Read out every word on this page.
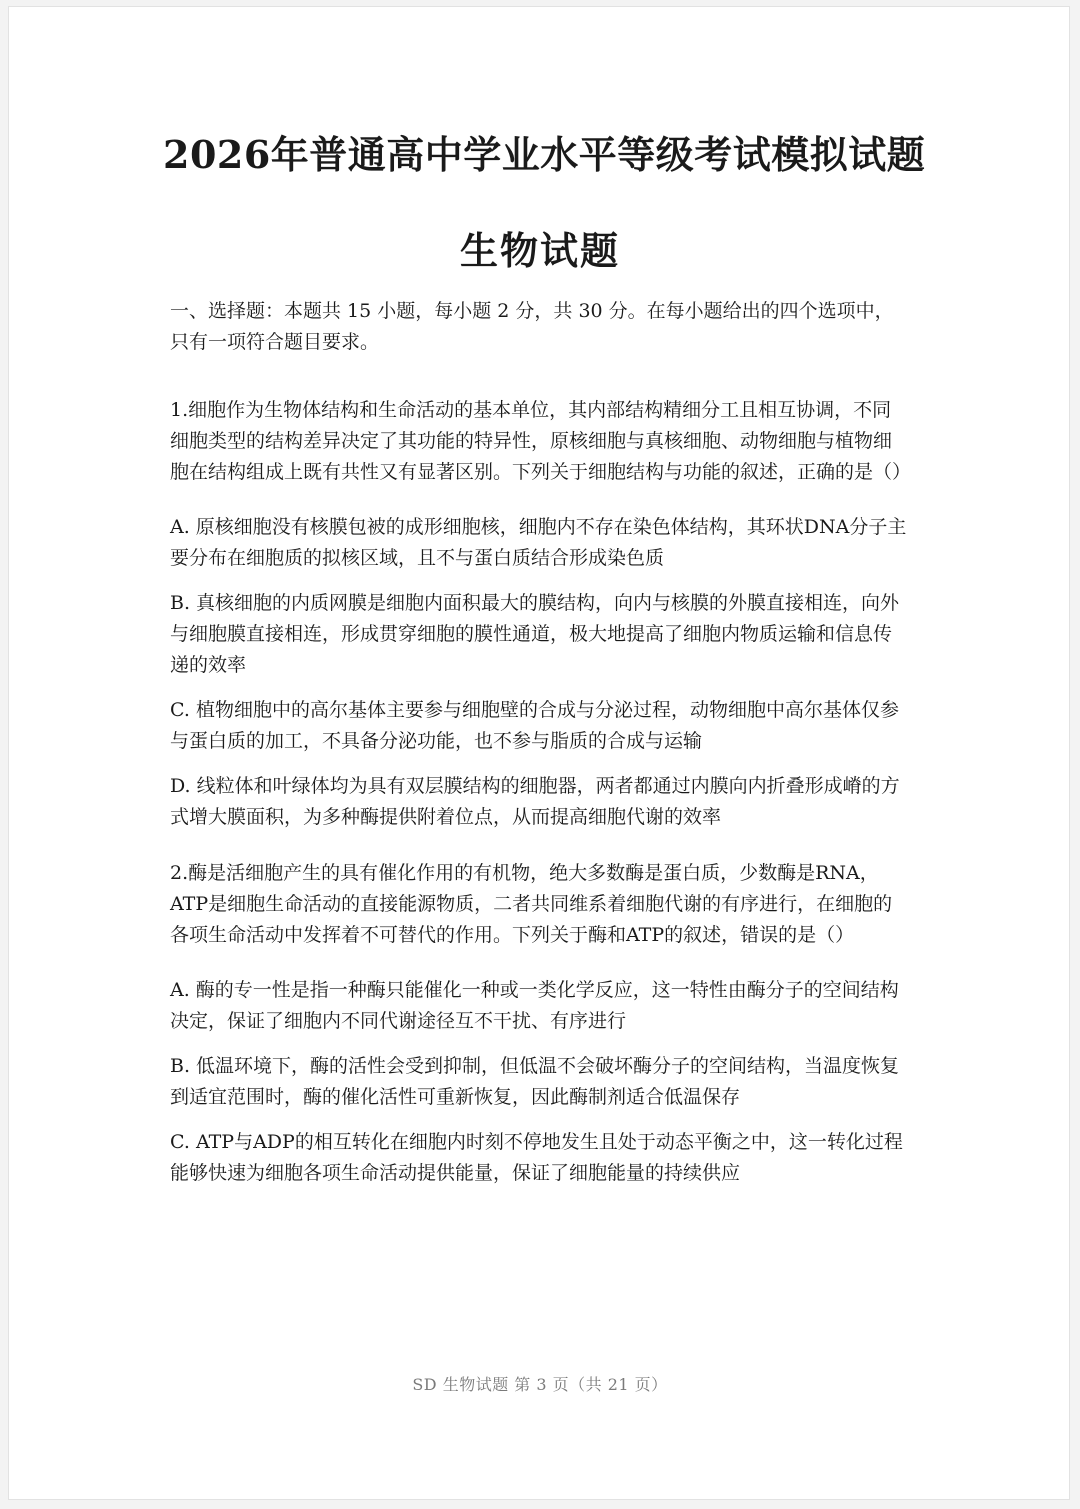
2026年普通高中学业水平等级考试模拟试题
生物试题

一、选择题：本题共 15 小题，每小题 2 分，共 30 分。在每小题给出的四个选项中，只有一项符合题目要求。

1.细胞作为生物体结构和生命活动的基本单位，其内部结构精细分工且相互协调，不同细胞类型的结构差异决定了其功能的特异性，原核细胞与真核细胞、动物细胞与植物细胞在结构组成上既有共性又有显著区别。下列关于细胞结构与功能的叙述，正确的是（）

A. 原核细胞没有核膜包被的成形细胞核，细胞内不存在染色体结构，其环状DNA分子主要分布在细胞质的拟核区域，且不与蛋白质结合形成染色质

B. 真核细胞的内质网膜是细胞内面积最大的膜结构，向内与核膜的外膜直接相连，向外与细胞膜直接相连，形成贯穿细胞的膜性通道，极大地提高了细胞内物质运输和信息传递的效率

C. 植物细胞中的高尔基体主要参与细胞壁的合成与分泌过程，动物细胞中高尔基体仅参与蛋白质的加工，不具备分泌功能，也不参与脂质的合成与运输

D. 线粒体和叶绿体均为具有双层膜结构的细胞器，两者都通过内膜向内折叠形成嵴的方式增大膜面积，为多种酶提供附着位点，从而提高细胞代谢的效率

2.酶是活细胞产生的具有催化作用的有机物，绝大多数酶是蛋白质，少数酶是RNA，ATP是细胞生命活动的直接能源物质，二者共同维系着细胞代谢的有序进行，在细胞的各项生命活动中发挥着不可替代的作用。下列关于酶和ATP的叙述，错误的是（）

A. 酶的专一性是指一种酶只能催化一种或一类化学反应，这一特性由酶分子的空间结构决定，保证了细胞内不同代谢途径互不干扰、有序进行

B. 低温环境下，酶的活性会受到抑制，但低温不会破坏酶分子的空间结构，当温度恢复到适宜范围时，酶的催化活性可重新恢复，因此酶制剂适合低温保存

C. ATP与ADP的相互转化在细胞内时刻不停地发生且处于动态平衡之中，这一转化过程能够快速为细胞各项生命活动提供能量，保证了细胞能量的持续供应

SD 生物试题 第 3 页（共 21 页）
